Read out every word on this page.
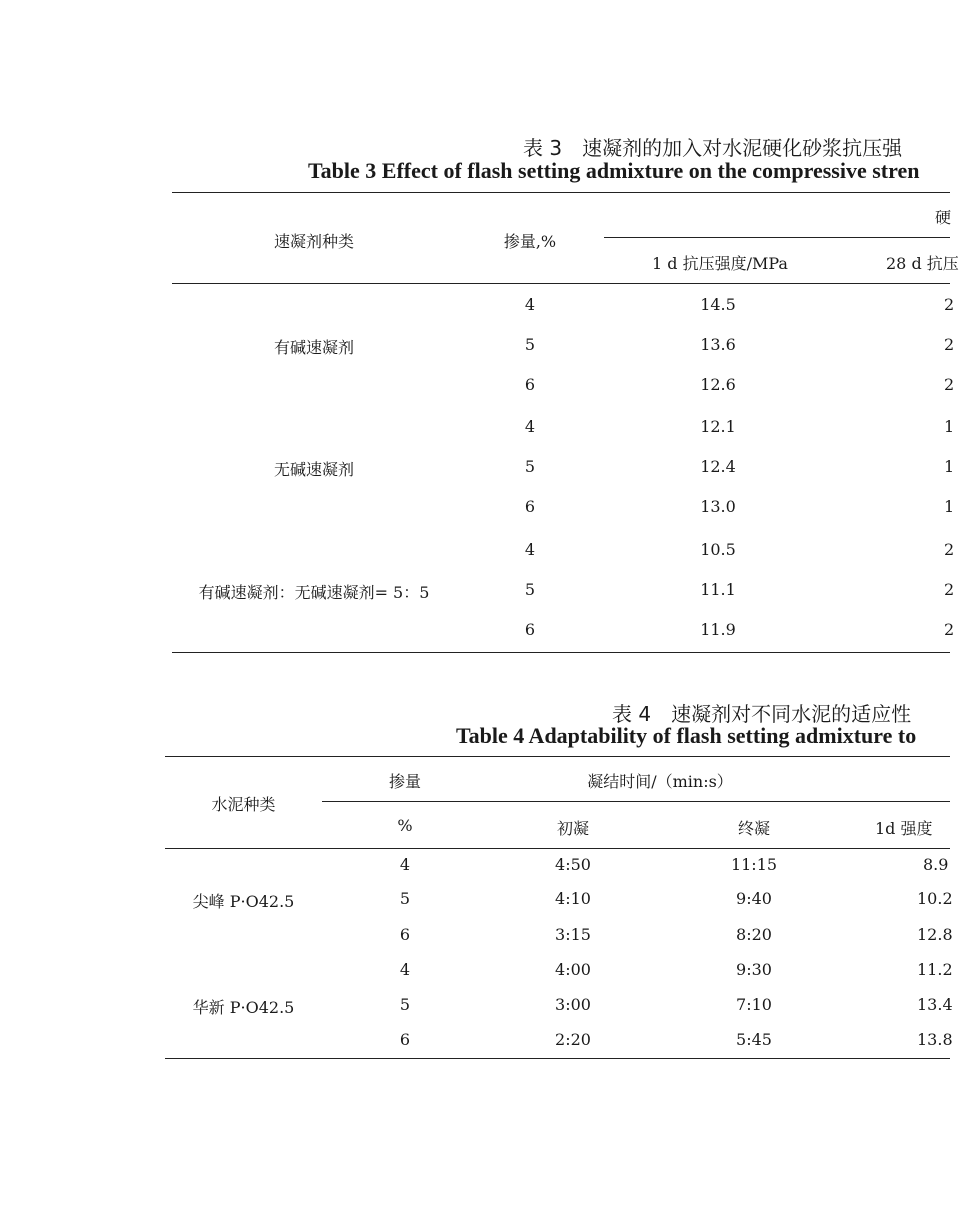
表 3　速凝剂的加入对水泥硬化砂浆抗压强
Table 3 Effect of flash setting admixture on the compressive stren
速凝剂种类	掺量,%
硬
1 d 抗压强度/MPa	28 d 抗压
有碱速凝剂
4	14.5	2
5	13.6	2
6	12.6	2
无碱速凝剂
4	12.1	1
5	12.4	1
6	13.0	1
有碱速凝剂：无碱速凝剂= 5：5
4	10.5	2
5	11.1	2
6	11.9	2
表 4　速凝剂对不同水泥的适应性
Table 4 Adaptability of flash setting admixture to
水泥种类
掺量	凝结时间/（min:s）
%	初凝	终凝	1d 强度
尖峰 P·O42.5
4	4:50	11:15	8.9
5	4:10	9:40	10.2
6	3:15	8:20	12.8
华新 P·O42.5
4	4:00	9:30	11.2
5	3:00	7:10	13.4
6	2:20	5:45	13.8
